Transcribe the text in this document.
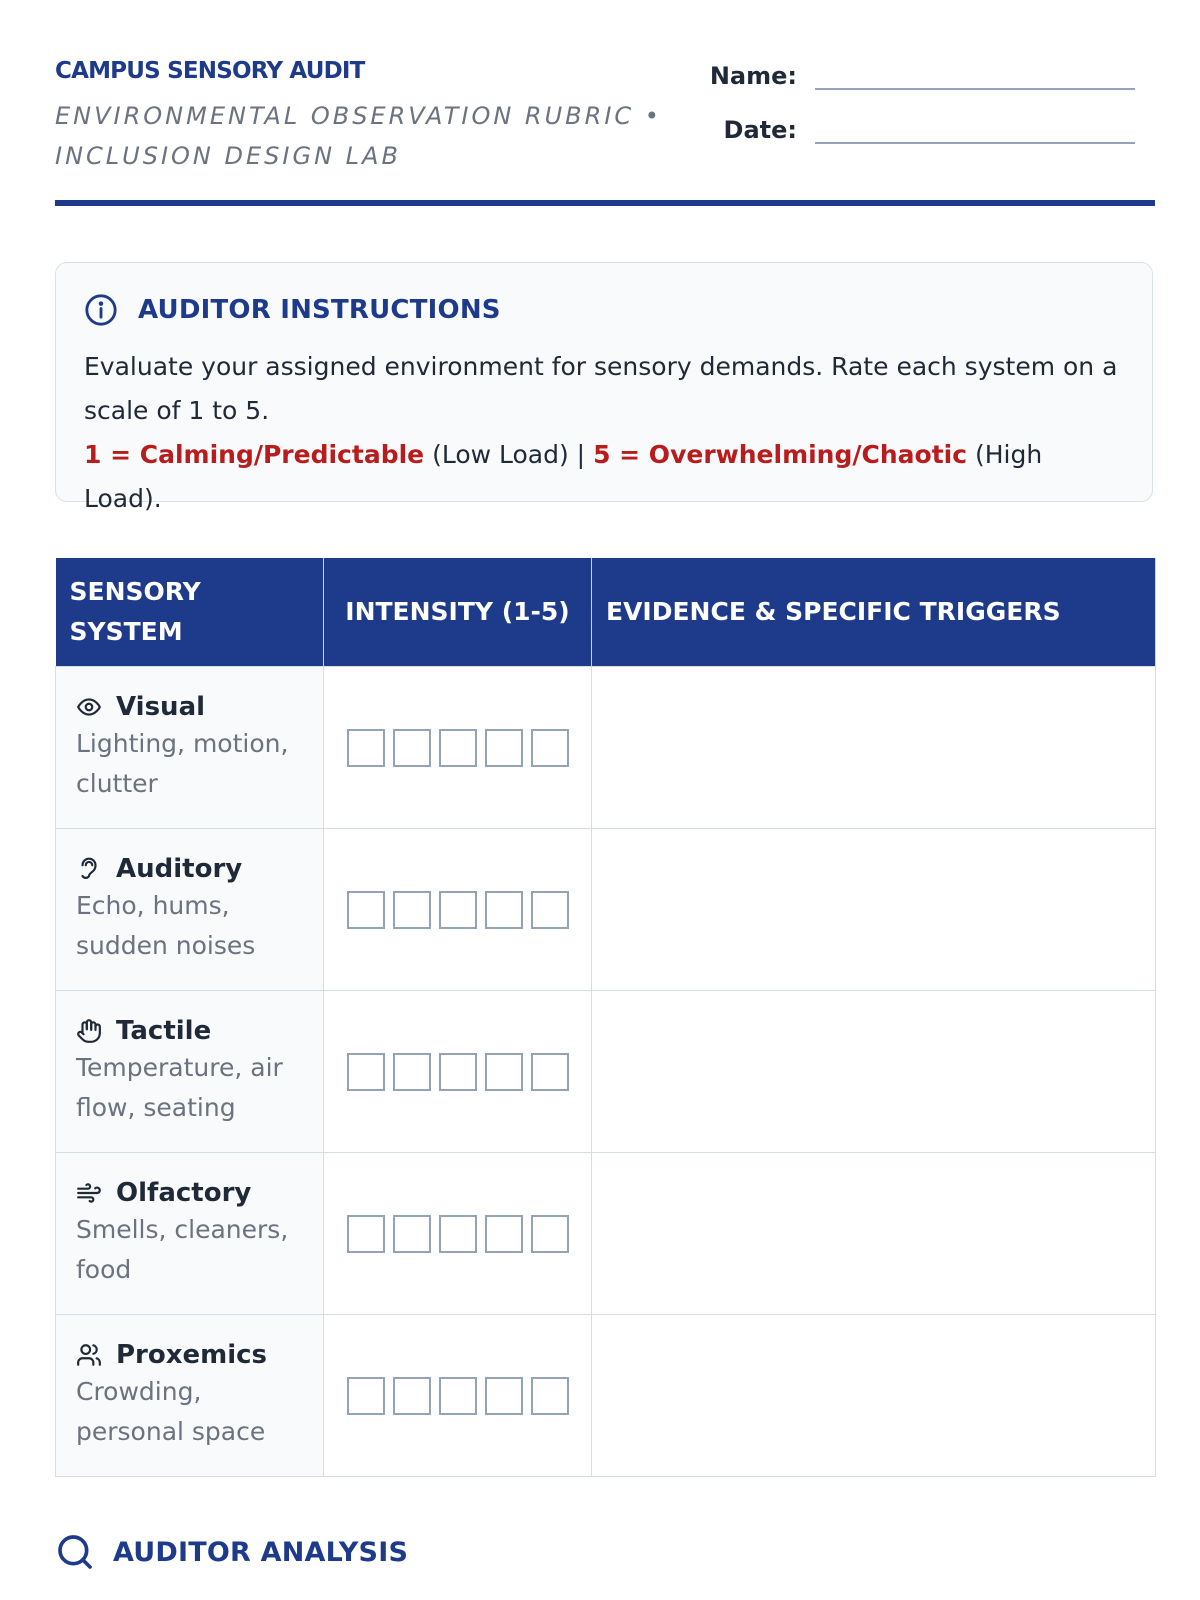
CAMPUS SENSORY AUDIT
ENVIRONMENTAL OBSERVATION RUBRIC • INCLUSION DESIGN LAB
Name:
Date:
AUDITOR INSTRUCTIONS
Evaluate your assigned environment for sensory demands. Rate each system on a scale of 1 to 5.
1 = Calming/Predictable (Low Load) | 5 = Overwhelming/Chaotic (High Load).
SENSORY SYSTEM	INTENSITY (1-5)	EVIDENCE & SPECIFIC TRIGGERS

Visual
Lighting, motion, clutter		

Auditory
Echo, hums, sudden noises		

Tactile
Temperature, air flow, seating		

Olfactory
Smells, cleaners, food		

Proxemics
Crowding, personal space		

AUDITOR ANALYSIS
